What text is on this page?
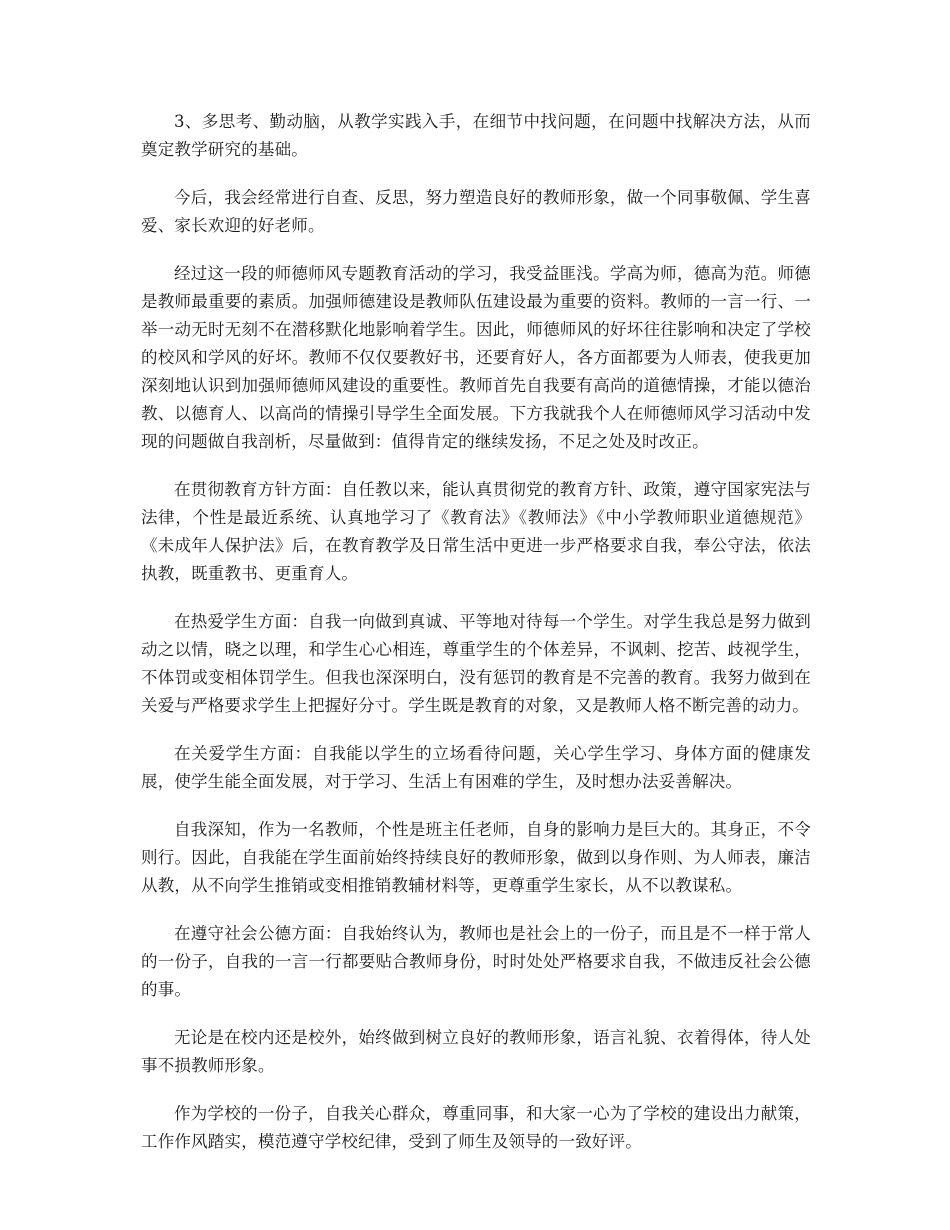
3、多思考、勤动脑，从教学实践入手，在细节中找问题，在问题中找解决方法，从而奠定教学研究的基础。

今后，我会经常进行自查、反思，努力塑造良好的教师形象，做一个同事敬佩、学生喜爱、家长欢迎的好老师。

经过这一段的师德师风专题教育活动的学习，我受益匪浅。学高为师，德高为范。师德是教师最重要的素质。加强师德建设是教师队伍建设最为重要的资料。教师的一言一行、一举一动无时无刻不在潜移默化地影响着学生。因此，师德师风的好坏往往影响和决定了学校的校风和学风的好坏。教师不仅仅要教好书，还要育好人，各方面都要为人师表，使我更加深刻地认识到加强师德师风建设的重要性。教师首先自我要有高尚的道德情操，才能以德治教、以德育人、以高尚的情操引导学生全面发展。下方我就我个人在师德师风学习活动中发现的问题做自我剖析，尽量做到：值得肯定的继续发扬，不足之处及时改正。

在贯彻教育方针方面：自任教以来，能认真贯彻党的教育方针、政策，遵守国家宪法与法律，个性是最近系统、认真地学习了《教育法》《教师法》《中小学教师职业道德规范》《未成年人保护法》后，在教育教学及日常生活中更进一步严格要求自我，奉公守法，依法执教，既重教书、更重育人。

在热爱学生方面：自我一向做到真诚、平等地对待每一个学生。对学生我总是努力做到动之以情，晓之以理，和学生心心相连，尊重学生的个体差异，不讽刺、挖苦、歧视学生，不体罚或变相体罚学生。但我也深深明白，没有惩罚的教育是不完善的教育。我努力做到在关爱与严格要求学生上把握好分寸。学生既是教育的对象，又是教师人格不断完善的动力。

在关爱学生方面：自我能以学生的立场看待问题，关心学生学习、身体方面的健康发展，使学生能全面发展，对于学习、生活上有困难的学生，及时想办法妥善解决。

自我深知，作为一名教师，个性是班主任老师，自身的影响力是巨大的。其身正，不令则行。因此，自我能在学生面前始终持续良好的教师形象，做到以身作则、为人师表，廉洁从教，从不向学生推销或变相推销教辅材料等，更尊重学生家长，从不以教谋私。

在遵守社会公德方面：自我始终认为，教师也是社会上的一份子，而且是不一样于常人的一份子，自我的一言一行都要贴合教师身份，时时处处严格要求自我，不做违反社会公德的事。

无论是在校内还是校外，始终做到树立良好的教师形象，语言礼貌、衣着得体，待人处事不损教师形象。

作为学校的一份子，自我关心群众，尊重同事，和大家一心为了学校的建设出力献策，工作作风踏实，模范遵守学校纪律，受到了师生及领导的一致好评。
